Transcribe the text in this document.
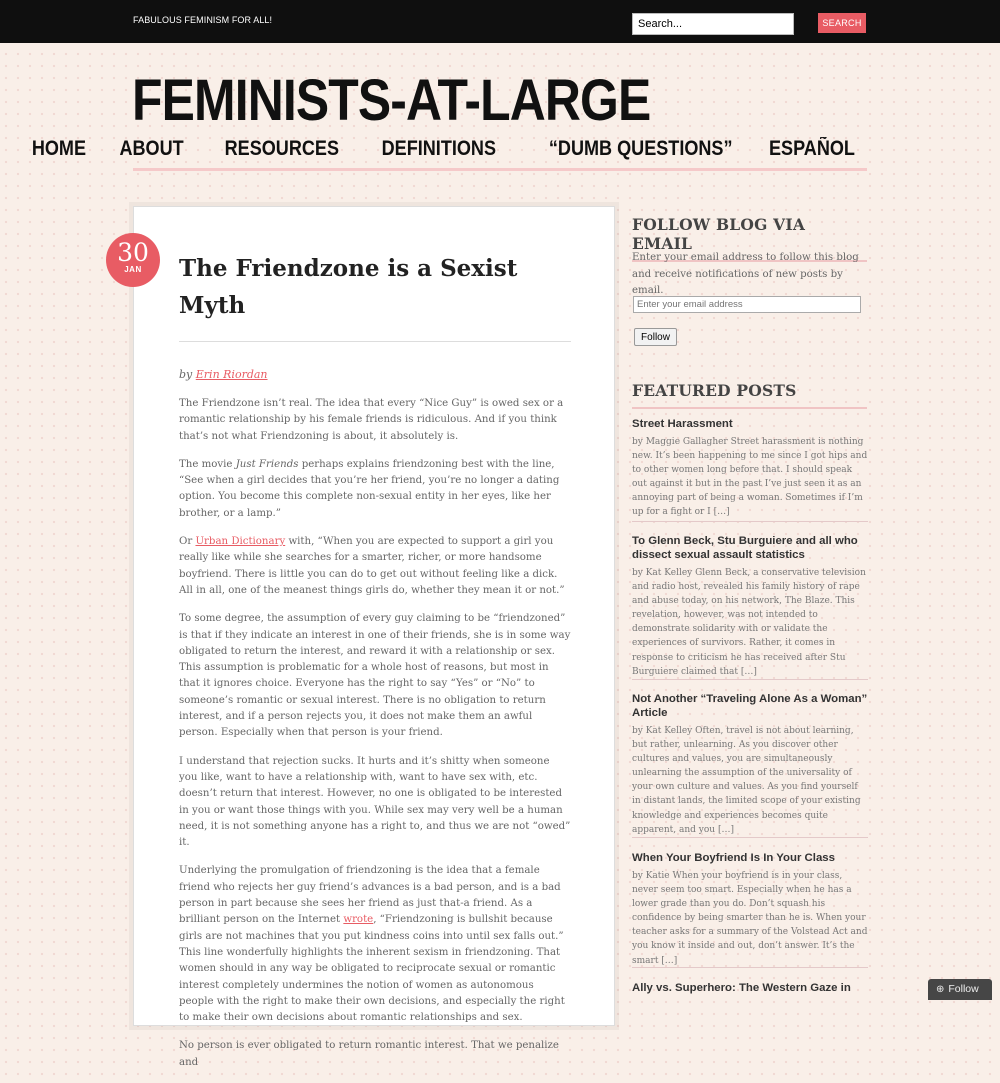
FABULOUS FEMINISM FOR ALL!
Search...	SEARCH
FEMINISTS-AT-LARGE
HOME ABOUT RESOURCES DEFINITIONS	“DUMB QUESTIONS” ESPAÑOL
30
JAN	The Friendzone is a Sexist Myth
by Erin Riordan

The Friendzone isn’t real. The idea that every “Nice Guy” is owed sex or a romantic relationship by his female friends is ridiculous. And if you think that’s not what Friendzoning is about, it absolutely is.

The movie Just Friends perhaps explains friendzoning best with the line, “See when a girl decides that you’re her friend, you’re no longer a dating option. You become this complete non-sexual entity in her eyes, like her brother, or a lamp.”

Or Urban Dictionary with, “When you are expected to support a girl you really like while she searches for a smarter, richer, or more handsome boyfriend. There is little you can do to get out without feeling like a dick. All in all, one of the meanest things girls do, whether they mean it or not.”

To some degree, the assumption of every guy claiming to be “friendzoned” is that if they indicate an interest in one of their friends, she is in some way obligated to return the interest, and reward it with a relationship or sex. This assumption is problematic for a whole host of reasons, but most in that it ignores choice. Everyone has the right to say “Yes” or “No” to someone’s romantic or sexual interest. There is no obligation to return interest, and if a person rejects you, it does not make them an awful person. Especially when that person is your friend.

I understand that rejection sucks. It hurts and it’s shitty when someone you like, want to have a relationship with, want to have sex with, etc. doesn’t return that interest. However, no one is obligated to be interested in you or want those things with you. While sex may very well be a human need, it is not something anyone has a right to, and thus we are not “owed” it.

Underlying the promulgation of friendzoning is the idea that a female friend who rejects her guy friend’s advances is a bad person, and is a bad person in part because she sees her friend as just that-a friend. As a brilliant person on the Internet wrote, “Friendzoning is bullshit because girls are not machines that you put kindness coins into until sex falls out.” This line wonderfully highlights the inherent sexism in friendzoning. That women should in any way be obligated to reciprocate sexual or romantic interest completely undermines the notion of women as autonomous people with the right to make their own decisions, and especially the right to make their own decisions about romantic relationships and sex.

No person is ever obligated to return romantic interest. That we penalize and

FOLLOW BLOG VIA EMAIL
Enter your email address to follow this blog and receive notifications of new posts by email.
Enter your email address
Follow
FEATURED POSTS
Street Harassment
by Maggie Gallagher Street harassment is nothing new. It’s been happening to me since I got hips and to other women long before that. I should speak out against it but in the past I’ve just seen it as an annoying part of being a woman. Sometimes if I’m up for a fight or I […]
To Glenn Beck, Stu Burguiere and all who dissect sexual assault statistics
by Kat Kelley Glenn Beck, a conservative television and radio host, revealed his family history of rape and abuse today, on his network, The Blaze. This revelation, however, was not intended to demonstrate solidarity with or validate the experiences of survivors. Rather, it comes in response to criticism he has received after Stu Burguiere claimed that […]
Not Another “Traveling Alone As a Woman” Article
by Kat Kelley Often, travel is not about learning, but rather, unlearning. As you discover other cultures and values, you are simultaneously unlearning the assumption of the universality of your own culture and values. As you find yourself in distant lands, the limited scope of your existing knowledge and experiences becomes quite apparent, and you […]
When Your Boyfriend Is In Your Class
by Katie When your boyfriend is in your class, never seem too smart. Especially when he has a lower grade than you do. Don’t squash his confidence by being smarter than he is. When your teacher asks for a summary of the Volstead Act and you know it inside and out, don’t answer. It’s the smart […]
Ally vs. Superhero: The Western Gaze in	⊕ Follow
